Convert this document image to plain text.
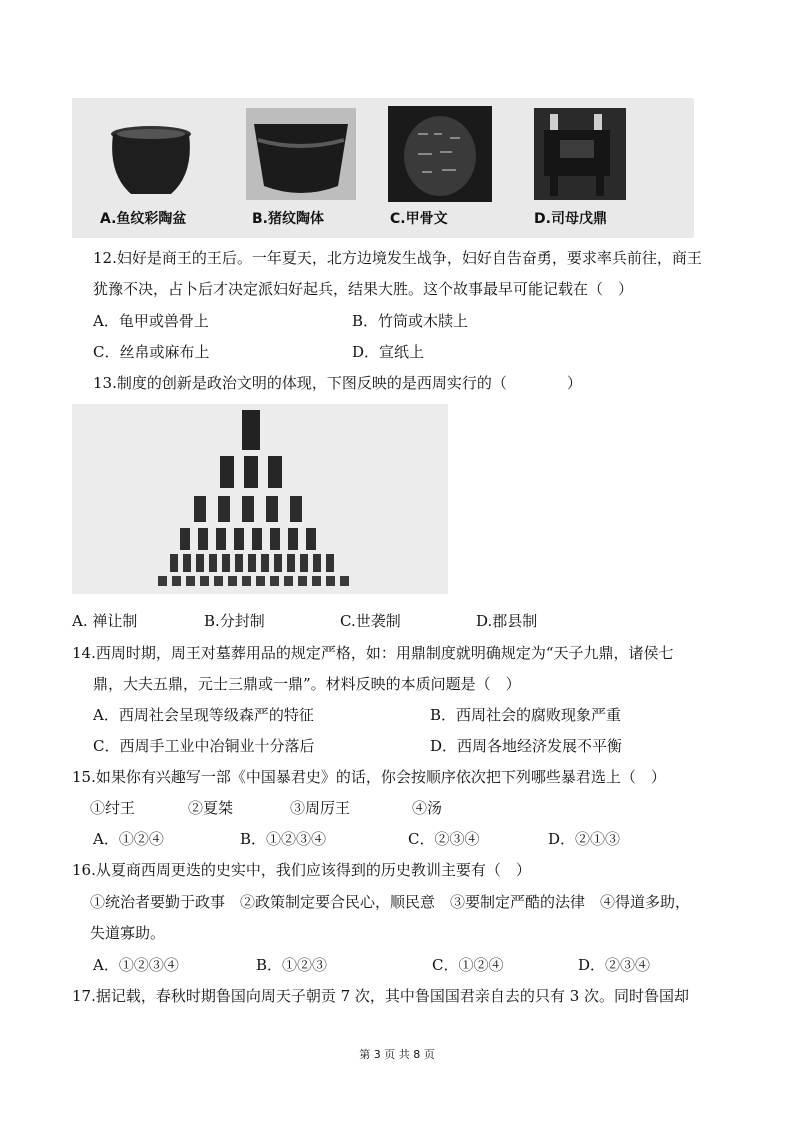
A.鱼纹彩陶盆	B.猪纹陶体	C.甲骨文	D.司母戊鼎
12.妇好是商王的王后。一年夏天，北方边境发生战争，妇好自告奋勇，要求率兵前往，商王
犹豫不决，占卜后才决定派妇好起兵，结果大胜。这个故事最早可能记载在（　）
A．龟甲或兽骨上	B．竹筒或木牍上
C．丝帛或麻布上	D．宣纸上
13.制度的创新是政治文明的体现，下图反映的是西周实行的（　　　　）
A. 禅让制	B.分封制	C.世袭制	D.郡县制
14.西周时期，周王对墓葬用品的规定严格，如：用鼎制度就明确规定为“天子九鼎，诸侯七
鼎，大夫五鼎，元士三鼎或一鼎”。材料反映的本质问题是（　）
A．西周社会呈现等级森严的特征	B．西周社会的腐败现象严重
C．西周手工业中冶铜业十分落后	D．西周各地经济发展不平衡
15.如果你有兴趣写一部《中国暴君史》的话，你会按顺序依次把下列哪些暴君选上（　）
①纣王	②夏桀	③周厉王	④汤
A．①②④	B．①②③④	C．②③④	D．②①③
16.从夏商西周更迭的史实中，我们应该得到的历史教训主要有（　）
①统治者要勤于政事　②政策制定要合民心，顺民意　③要制定严酷的法律　④得道多助，
失道寡助。
A．①②③④	B．①②③	C．①②④	D．②③④
17.据记载，春秋时期鲁国向周天子朝贡 7 次，其中鲁国国君亲自去的只有 3 次。同时鲁国却
第 3 页 共 8 页
